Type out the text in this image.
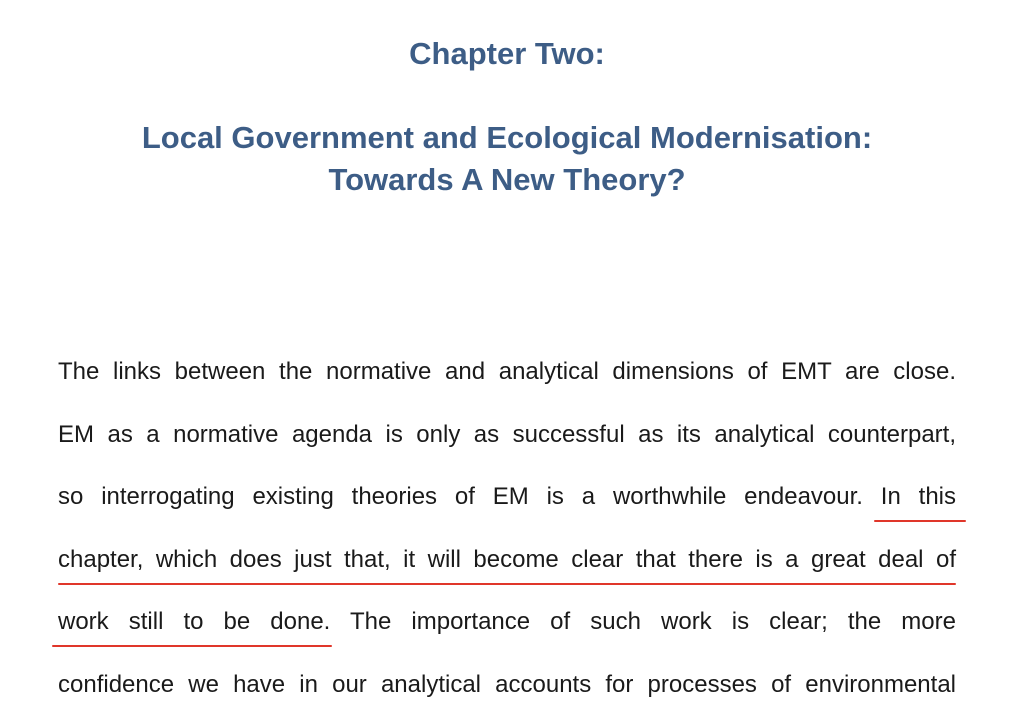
Chapter Two:
Local Government and Ecological Modernisation:
Towards A New Theory?
The links between the normative and analytical dimensions of EMT are close.
EM as a normative agenda is only as successful as its analytical counterpart,
so interrogating existing theories of EM is a worthwhile endeavour. In this
chapter, which does just that, it will become clear that there is a great deal of
work still to be done. The importance of such work is clear; the more
confidence we have in our analytical accounts for processes of environmental
